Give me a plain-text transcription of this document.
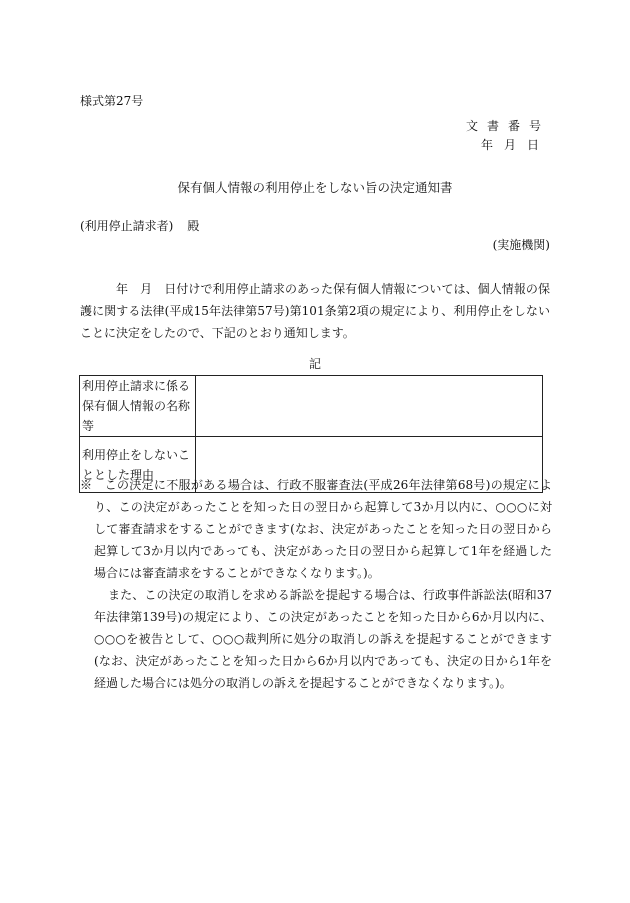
様式第27号
文書番号
年月日
保有個人情報の利用停止をしない旨の決定通知書
(利用停止請求者) 殿
(実施機関)
年　月　日付けで利用停止請求のあった保有個人情報については、個人情報の保護に関する法律(平成15年法律第57号)第101条第2項の規定により、利用停止をしないことに決定をしたので、下記のとおり通知します。
記
利用停止請求に係る保有個人情報の名称等	
利用停止をしないこととした理由	
※　この決定に不服がある場合は、行政不服審査法(平成26年法律第68号)の規定により、この決定があったことを知った日の翌日から起算して3か月以内に、○○○に対して審査請求をすることができます(なお、決定があったことを知った日の翌日から起算して3か月以内であっても、決定があった日の翌日から起算して1年を経過した場合には審査請求をすることができなくなります。)。
また、この決定の取消しを求める訴訟を提起する場合は、行政事件訴訟法(昭和37年法律第139号)の規定により、この決定があったことを知った日から6か月以内に、○○○を被告として、○○○裁判所に処分の取消しの訴えを提起することができます(なお、決定があったことを知った日から6か月以内であっても、決定の日から1年を経過した場合には処分の取消しの訴えを提起することができなくなります。)。
